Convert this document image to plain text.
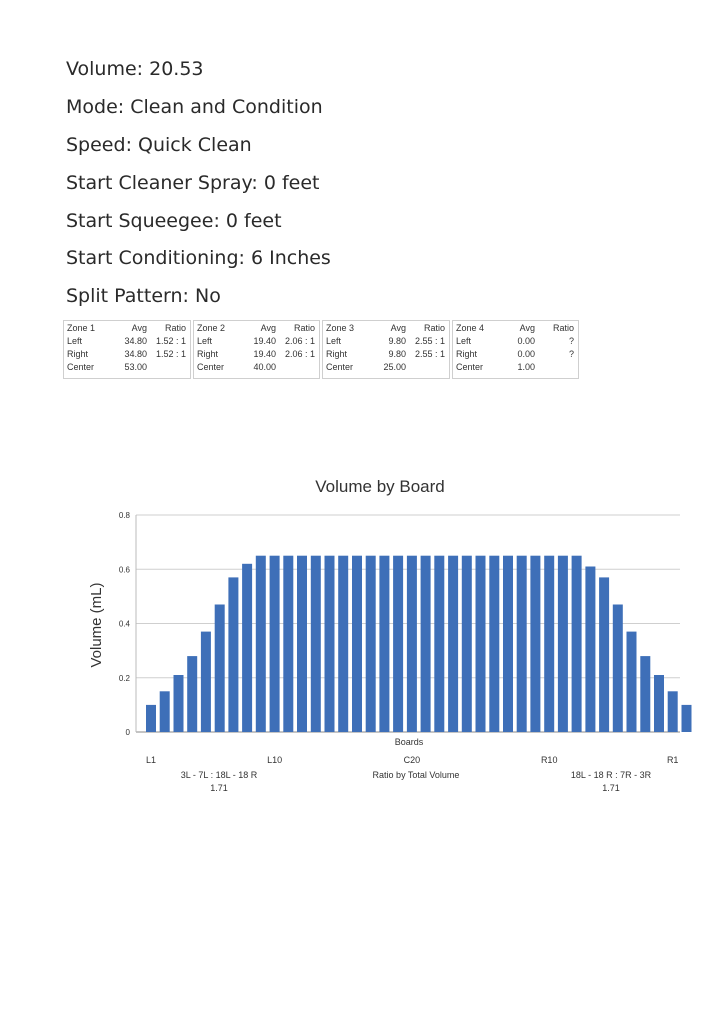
Volume: 20.53
Mode: Clean and Condition
Speed: Quick Clean
Start Cleaner Spray: 0 feet
Start Squeegee: 0 feet
Start Conditioning: 6 Inches
Split Pattern: No
Zone 1	Avg Ratio
Left	34.80 1.52 : 1
Right	34.80 1.52 : 1
Center	53.00
Zone 2	Avg Ratio
Left	19.40 2.06 : 1
Right	19.40 2.06 : 1
Center	40.00
Zone 3	Avg Ratio
Left	9.80 2.55 : 1
Right	9.80 2.55 : 1
Center	25.00
Zone 4	Avg Ratio
Left	0.00	?
Right	0.00	?
Center	1.00
Volume by Board
Volume (mL)
0
0.2
0.4
0.6
0.8
Boards
L1	L10	C20	R10	R1
3L - 7L : 18L - 18 R
1.71
Ratio by Total Volume	18L - 18 R : 7R - 3R
1.71
